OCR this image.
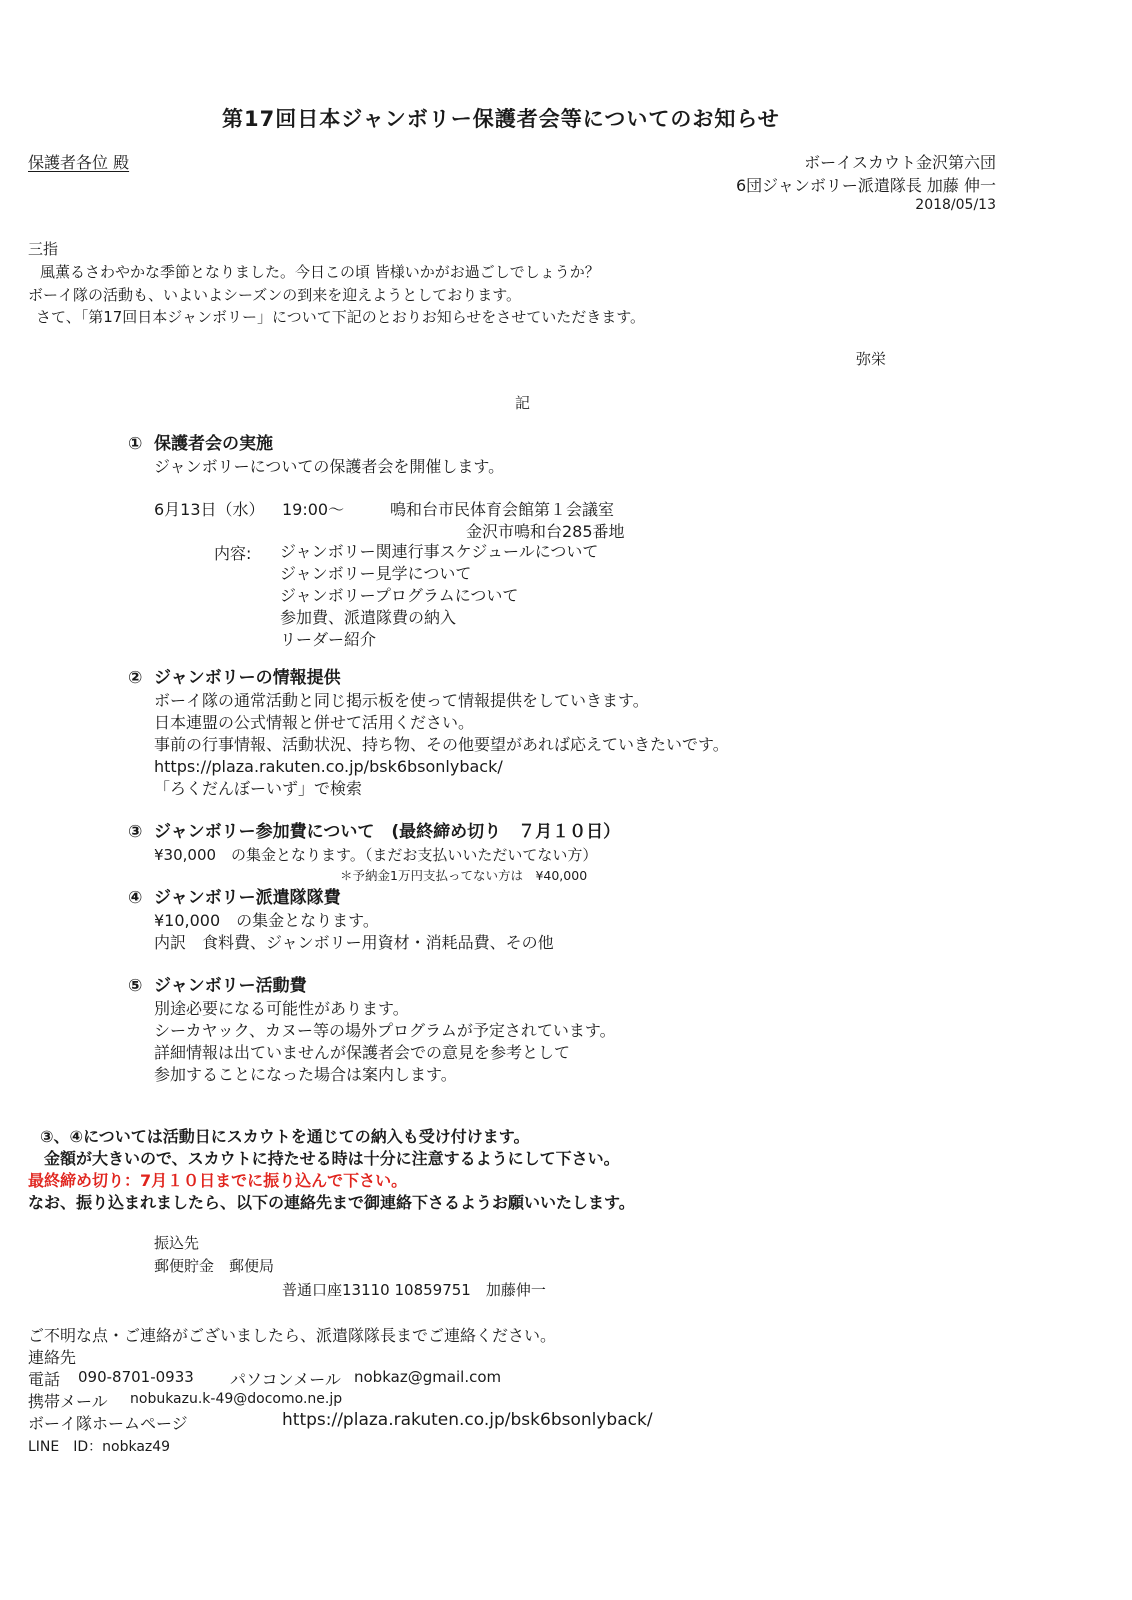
第17回日本ジャンボリー保護者会等についてのお知らせ
保護者各位 殿	ボーイスカウト金沢第六団
6団ジャンボリー派遣隊長 加藤 伸一
2018/05/13
三指
風薫るさわやかな季節となりました。今日この頃 皆様いかがお過ごしでしょうか？
ボーイ隊の活動も、いよいよシーズンの到来を迎えようとしております。
さて、「第17回日本ジャンボリー」について下記のとおりお知らせをさせていただきます。
弥栄
記
① 保護者会の実施
ジャンボリーについての保護者会を開催します。
6月13日（水） 19:00～	鳴和台市民体育会館第１会議室
金沢市鳴和台285番地
内容: ジャンボリー関連行事スケジュールについて
ジャンボリー見学について
ジャンボリープログラムについて
参加費、派遣隊費の納入
リーダー紹介
② ジャンボリーの情報提供
ボーイ隊の通常活動と同じ掲示板を使って情報提供をしていきます。
日本連盟の公式情報と併せて活用ください。
事前の行事情報、活動状況、持ち物、その他要望があれば応えていきたいです。
https://plaza.rakuten.co.jp/bsk6bsonlyback/
「ろくだんぼーいず」で検索
③ ジャンボリー参加費について　(最終締め切り　７月１０日）
¥30,000　の集金となります。（まだお支払いいただいてない方）
＊予納金1万円支払ってない方は　¥40,000
④ ジャンボリー派遣隊隊費
¥10,000　の集金となります。
内訳　食料費、ジャンボリー用資材・消耗品費、その他
⑤ ジャンボリー活動費
別途必要になる可能性があります。
シーカヤック、カヌー等の場外プログラムが予定されています。
詳細情報は出ていませんが保護者会での意見を参考として
参加することになった場合は案内します。
③、④については活動日にスカウトを通じての納入も受け付けます。
金額が大きいので、スカウトに持たせる時は十分に注意するようにして下さい。
最終締め切り：7月１０日までに振り込んで下さい。
なお、振り込まれましたら、以下の連絡先まで御連絡下さるようお願いいたします。
振込先
郵便貯金　郵便局
普通口座13110 10859751　加藤伸一
ご不明な点・ご連絡がございましたら、派遣隊隊長までご連絡ください。
連絡先
電話 090-8701-0933 パソコンメール nobkaz@gmail.com
携帯メール nobukazu.k-49@docomo.ne.jp
ボーイ隊ホームページ	https://plaza.rakuten.co.jp/bsk6bsonlyback/
LINE　ID：nobkaz49
